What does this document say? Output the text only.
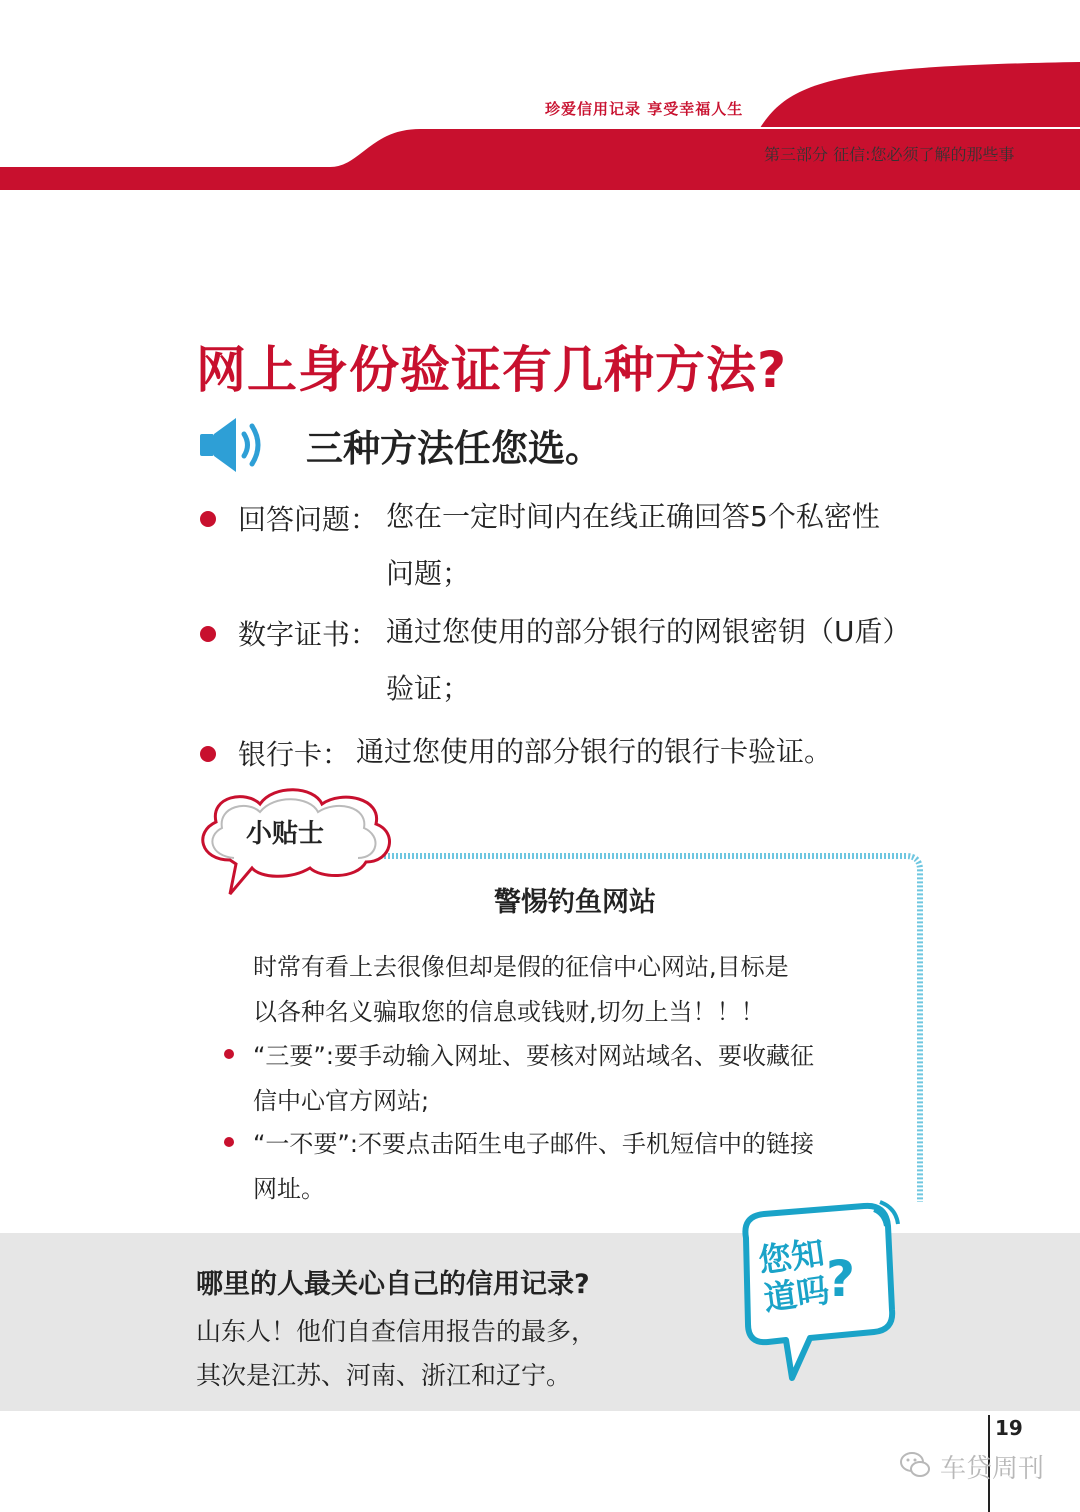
珍爱信用记录 享受幸福人生
第三部分 征信:您必须了解的那些事
网上身份验证有几种方法?
三种方法任您选。
回答问题： 您在一定时间内在线正确回答5个私密性问题；
数字证书： 通过您使用的部分银行的网银密钥（U盾）验证；
银行卡： 通过您使用的部分银行的银行卡验证。
小贴士
警惕钓鱼网站
时常有看上去很像但却是假的征信中心网站,目标是
以各种名义骗取您的信息或钱财,切勿上当！！！
“三要”:要手动输入网址、要核对网站域名、要收藏征
信中心官方网站;
“一不要”:不要点击陌生电子邮件、手机短信中的链接
网址。
哪里的人最关心自己的信用记录?
山东人！他们自查信用报告的最多，
其次是江苏、河南、浙江和辽宁。
您知
道吗
?
19
车贷周刊
